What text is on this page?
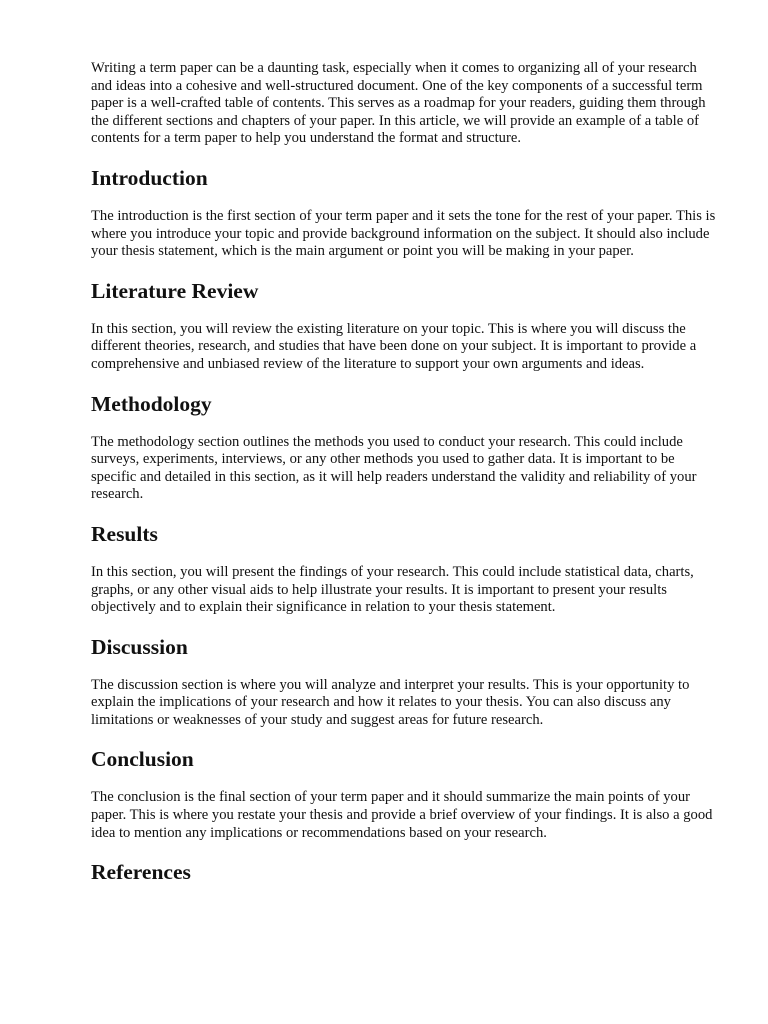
Writing a term paper can be a daunting task, especially when it comes to organizing all of your research and ideas into a cohesive and well-structured document. One of the key components of a successful term paper is a well-crafted table of contents. This serves as a roadmap for your readers, guiding them through the different sections and chapters of your paper. In this article, we will provide an example of a table of contents for a term paper to help you understand the format and structure.

Introduction

The introduction is the first section of your term paper and it sets the tone for the rest of your paper. This is where you introduce your topic and provide background information on the subject. It should also include your thesis statement, which is the main argument or point you will be making in your paper.

Literature Review

In this section, you will review the existing literature on your topic. This is where you will discuss the different theories, research, and studies that have been done on your subject. It is important to provide a comprehensive and unbiased review of the literature to support your own arguments and ideas.

Methodology

The methodology section outlines the methods you used to conduct your research. This could include surveys, experiments, interviews, or any other methods you used to gather data. It is important to be specific and detailed in this section, as it will help readers understand the validity and reliability of your research.

Results

In this section, you will present the findings of your research. This could include statistical data, charts, graphs, or any other visual aids to help illustrate your results. It is important to present your results objectively and to explain their significance in relation to your thesis statement.

Discussion

The discussion section is where you will analyze and interpret your results. This is your opportunity to explain the implications of your research and how it relates to your thesis. You can also discuss any limitations or weaknesses of your study and suggest areas for future research.

Conclusion

The conclusion is the final section of your term paper and it should summarize the main points of your paper. This is where you restate your thesis and provide a brief overview of your findings. It is also a good idea to mention any implications or recommendations based on your research.

References
